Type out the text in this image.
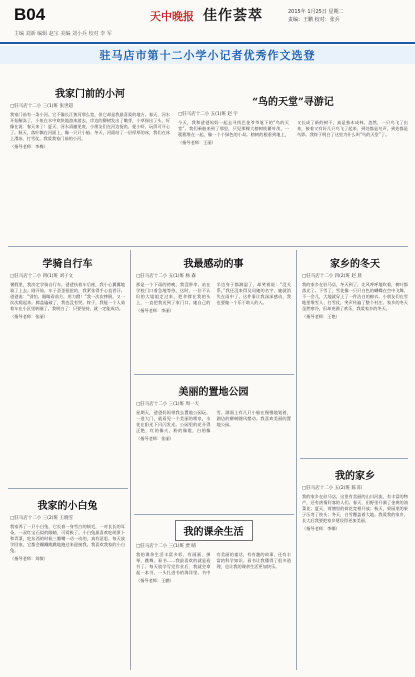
B04
主编 刘新 编辑 赵宝 美编 刘小兵 校对 李 军
天中晚报 佳作荟萃	2015年 1月25日 星期二
责编：王鹏 校对：张兵
驻马店市第十二小学小记者优秀作文选登
我家门前的小河
□驻马店十二小 三(1)班 张世超
我家门前有一条小河。它不像长江黄河那么宽，但它却是我最喜爱的地方。春天，河水开始解冻了，小鱼在水中欢快地游来游去，岸边的柳树发出了嫩芽，小草探出了头，好像在说：春天来了！夏天，河水清澈见底，小朋友们在河边捉鱼、捉小虾，玩得可开心了。秋天，落叶飘在河面上，像一只只小船。冬天，河面结了一层厚厚的冰，我们在冰上滑冰、打雪仗。我爱我家门前的小河。
（指导老师：李梅）
“鸟的天堂”寻游记
□驻马店十二小 五(1)班 赵 宇
今天，我和爸爸妈妈一起去寻找巴金爷爷笔下的“鸟的天堂”。我们乘船来到了那里，只见那棵大榕树枝繁叶茂，一簇簇堆在一起，像一个个绿色的小岛。榕树的根垂到地上，又长成了新的树干，真是独木成林。忽然，一只鸟飞了出来，接着又有好几只鸟飞了起来，到处都是鸟声，到处都是鸟影。我终于明白了这里为什么叫“鸟的天堂”了。
（指导老师：王丽）
学骑自行车
□驻马店十二小 四(1)班 刘子文
暑假里，我决定学骑自行车。爸爸扶着车后座，我小心翼翼地骑了上去。刚开始，车子歪歪扭扭的，我紧张得手心直冒汗。爸爸说：“别怕，眼睛看前方，用力蹬！”我一次次摔倒，又一次次爬起来。膝盖磕破了，我也没有哭。终于，我能一个人骑着车在小区里转圈了。我明白了：只要坚持，就一定能成功。
（指导老师：张丽）
我最感动的事
□驻马店十二小 五(1)班 杨 森
那是一个下雨的傍晚，我没带伞，站在学校门口着急地等待。这时，一位不认识的大姐姐走过来，把伞撑在我的头上，一直把我送到了家门口。她自己的半边身子都淋湿了，却笑着说：“没关系。”我还没来得及问她的名字，她就消失在雨中了。这件事让我深深感动，我也要做一个乐于助人的人。
（指导老师：李丽）
家乡的冬天
□驻马店十二小 四(2)班 赵 晨
我的家乡在驻马店，冬天到了，北风呼呼地吹着，树叶都落光了。下雪了，雪花像一只只白色的蝴蝶在空中飞舞，不一会儿，大地就穿上了一件洁白的棉衣。小朋友们在雪地里堆雪人、打雪仗，笑声传遍了整个村庄。家乡的冬天虽然寒冷，但却充满了欢乐，我爱家乡的冬天。
（指导老师：王艳）
美丽的置地公园
□驻马店十二小 三(1)班 周一天
星期天，爸爸妈妈带我去置地公园玩。一进大门，就看见一个美丽的喷泉，水花在阳光下闪闪发光。公园里的花开得正艳，红的像火，粉的像霞，白的像雪。湖面上有几只小船在慢慢地划着，湖边的柳树随风摆动。我喜欢美丽的置地公园。
（指导老师：张丽）
我的课余生活
□驻马店十二小 三(1)班 贾 晴
我的课余生活丰富多彩，有画画、弹琴、跳舞、看书……我最喜欢的就是看书了。每天放学写完作业后，我就会拿起一本书，一头扎进书的海洋里。书中有美丽的童话，有有趣的故事，还有丰富的科学知识。看书让我懂得了很多道理，也让我的课余生活更加快乐。
（指导老师：王鹏）
我家的小白兔
□驻马店十二小 三(2)班 王晓雪
我家养了一只小白兔，它长着一身雪白的绒毛，一对长长的耳朵，一双红宝石似的眼睛，可爱极了。小白兔最喜欢吃胡萝卜和青菜，吃东西的时候三瓣嘴一动一动的，真有意思。每天放学回家，它都会蹦蹦跳跳地跑过来迎接我。我喜欢我家的小白兔。
（指导老师：刘敏）
我的家乡
□驻马店十二小 五(2)班 陈 阳
我的家乡在驻马店，这里有美丽的山川河流，有丰富的物产，还有热情好客的人们。春天，田野里开满了金黄的油菜花；夏天，荷塘里的荷花竞相开放；秋天，果园里的果子压弯了枝头；冬天，白雪覆盖着大地。我爱我的家乡，长大后我要把家乡建设得更加美丽。
（指导老师：李娜）
